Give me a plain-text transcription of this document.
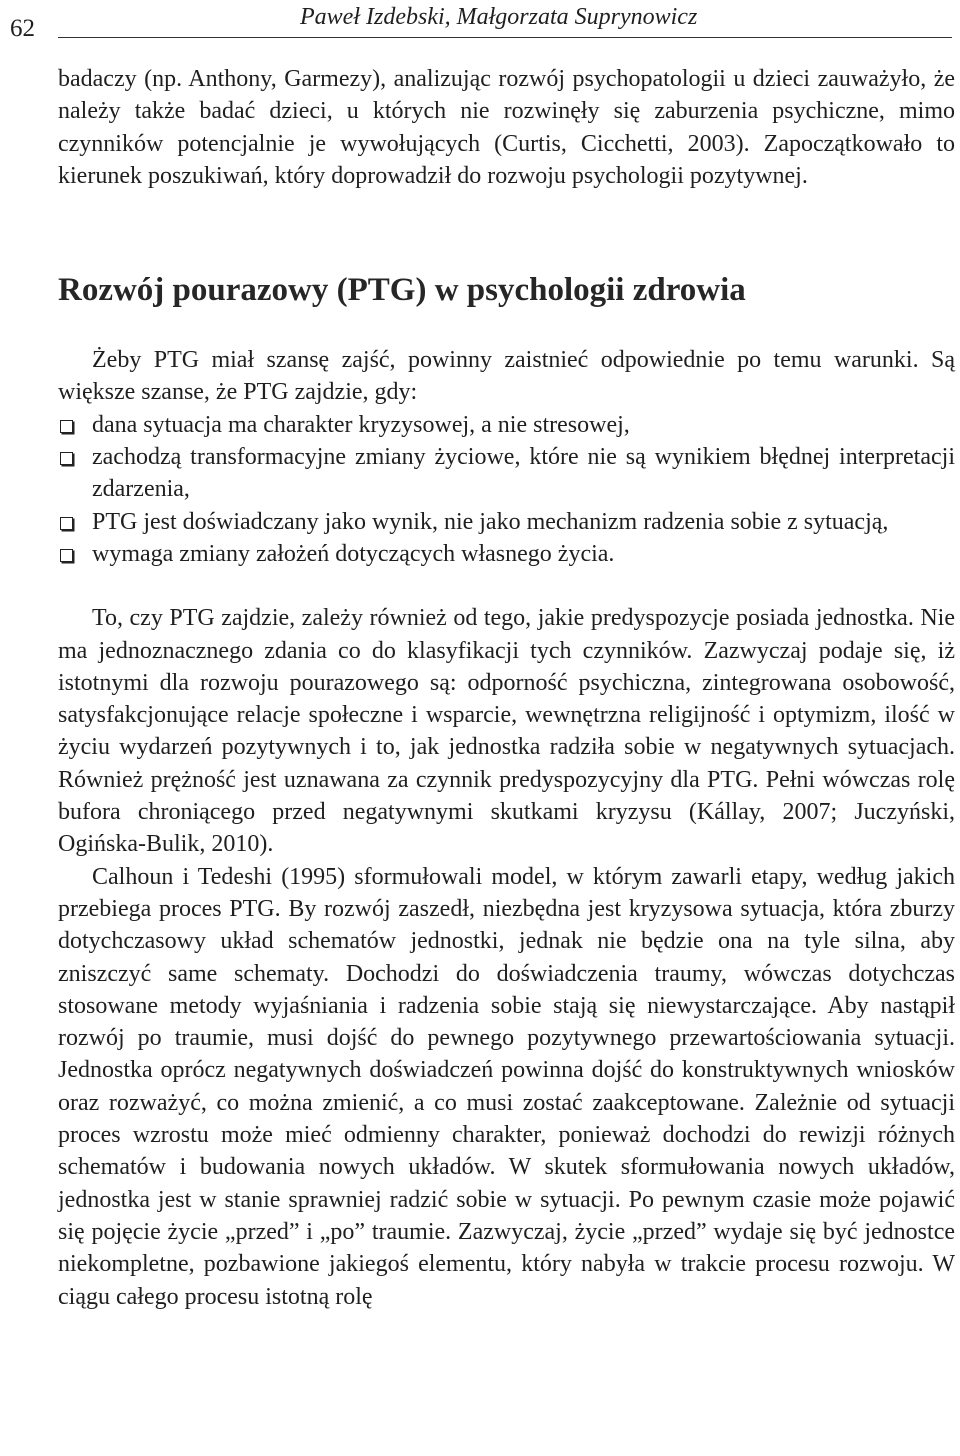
62	Paweł Izdebski, Małgorzata Suprynowicz

badaczy (np. Anthony, Garmezy), analizując rozwój psychopatologii u dzieci zauważyło, że należy także badać dzieci, u których nie rozwinęły się zaburzenia psychiczne, mimo czynników potencjalnie je wywołujących (Curtis, Cicchetti, 2003). Zapoczątkowało to kierunek poszukiwań, który doprowadził do rozwoju psychologii pozytywnej.

Rozwój pourazowy (PTG) w psychologii zdrowia

Żeby PTG miał szansę zajść, powinny zaistnieć odpowiednie po temu warunki. Są większe szanse, że PTG zajdzie, gdy:

dana sytuacja ma charakter kryzysowej, a nie stresowej,
zachodzą transformacyjne zmiany życiowe, które nie są wynikiem błędnej interpretacji zdarzenia,
PTG jest doświadczany jako wynik, nie jako mechanizm radzenia sobie z sytuacją,
wymaga zmiany założeń dotyczących własnego życia.

To, czy PTG zajdzie, zależy również od tego, jakie predyspozycje posiada jednostka. Nie ma jednoznacznego zdania co do klasyfikacji tych czynników. Zazwyczaj podaje się, iż istotnymi dla rozwoju pourazowego są: odporność psychiczna, zintegrowana osobowość, satysfakcjonujące relacje społeczne i wsparcie, wewnętrzna religijność i optymizm, ilość w życiu wydarzeń pozytywnych i to, jak jednostka radziła sobie w negatywnych sytuacjach. Również prężność jest uznawana za czynnik predyspozycyjny dla PTG. Pełni wówczas rolę bufora chroniącego przed negatywnymi skutkami kryzysu (Kállay, 2007; Juczyński, Ogińska-Bulik, 2010).

Calhoun i Tedeshi (1995) sformułowali model, w którym zawarli etapy, według jakich przebiega proces PTG. By rozwój zaszedł, niezbędna jest kryzysowa sytuacja, która zburzy dotychczasowy układ schematów jednostki, jednak nie będzie ona na tyle silna, aby zniszczyć same schematy. Dochodzi do doświadczenia traumy, wówczas dotychczas stosowane metody wyjaśniania i radzenia sobie stają się niewystarczające. Aby nastąpił rozwój po traumie, musi dojść do pewnego pozytywnego przewartościowania sytuacji. Jednostka oprócz negatywnych doświadczeń powinna dojść do konstruktywnych wniosków oraz rozważyć, co można zmienić, a co musi zostać zaakceptowane. Zależnie od sytuacji proces wzrostu może mieć odmienny charakter, ponieważ dochodzi do rewizji różnych schematów i budowania nowych układów. W skutek sformułowania nowych układów, jednostka jest w stanie sprawniej radzić sobie w sytuacji. Po pewnym czasie może pojawić się pojęcie życie „przed” i „po” traumie. Zazwyczaj, życie „przed” wydaje się być jednostce niekompletne, pozbawione jakiegoś elementu, który nabyła w trakcie procesu rozwoju. W ciągu całego procesu istotną rolę
